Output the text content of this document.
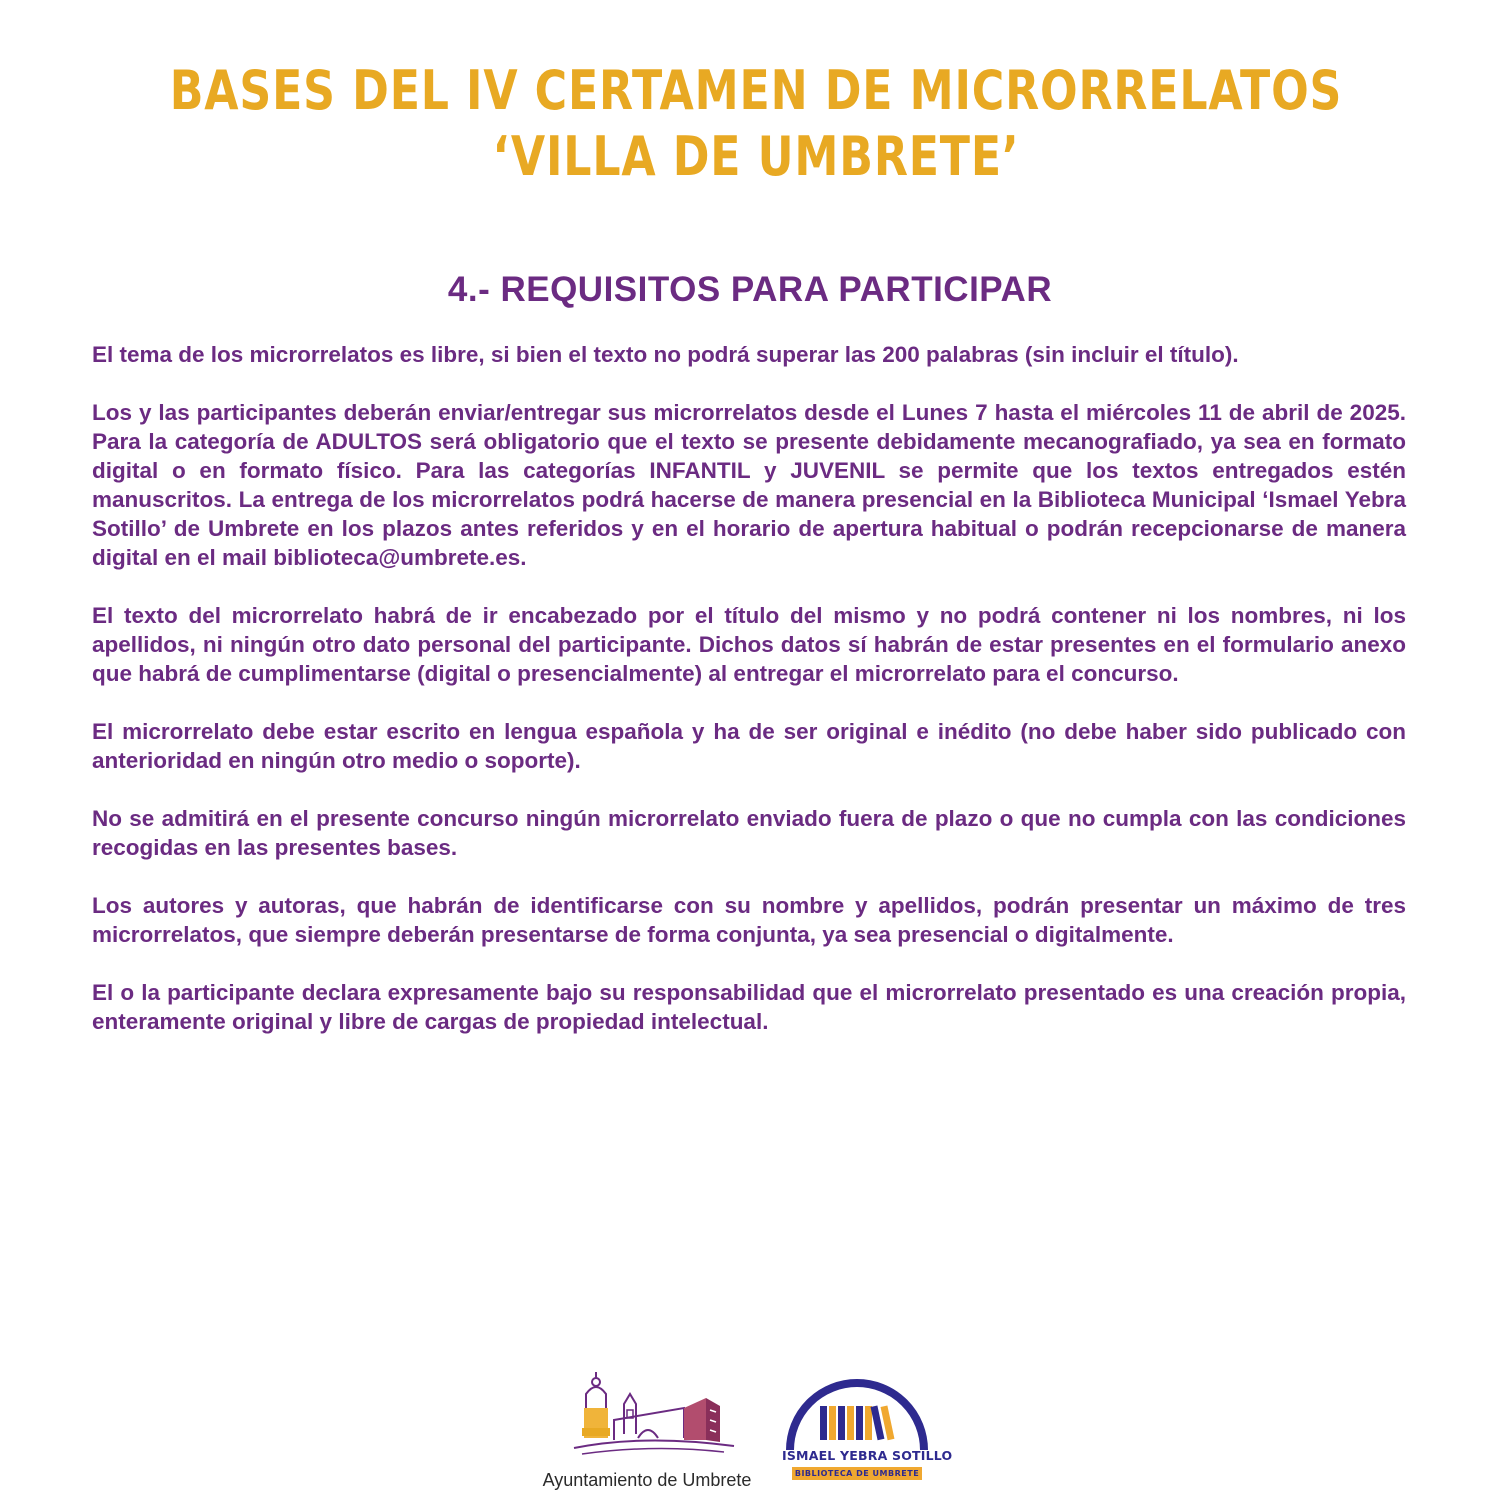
BASES DEL IV CERTAMEN DE MICRORRELATOS
‘VILLA DE UMBRETE’
4.- REQUISITOS PARA PARTICIPAR

El tema de los microrrelatos es libre, si bien el texto no podrá superar las 200 palabras (sin incluir el título).

Los y las participantes deberán enviar/entregar sus microrrelatos desde el Lunes 7 hasta el miércoles 11 de abril de 2025. Para la categoría de ADULTOS será obligatorio que el texto se presente debidamente mecanografiado, ya sea en formato digital o en formato físico. Para las categorías INFANTIL y JUVENIL se permite que los textos entregados estén manuscritos. La entrega de los microrrelatos podrá hacerse de manera presencial en la Biblioteca Municipal ‘Ismael Yebra Sotillo’ de Umbrete en los plazos antes referidos y en el horario de apertura habitual o podrán recepcionarse de manera digital en el mail biblioteca@umbrete.es.

El texto del microrrelato habrá de ir encabezado por el título del mismo y no podrá contener ni los nombres, ni los apellidos, ni ningún otro dato personal del participante. Dichos datos sí habrán de estar presentes en el formulario anexo que habrá de cumplimentarse (digital o presencialmente) al entregar el microrrelato para el concurso.

El microrrelato debe estar escrito en lengua española y ha de ser original e inédito (no debe haber sido publicado con anterioridad en ningún otro medio o soporte).

No se admitirá en el presente concurso ningún microrrelato enviado fuera de plazo o que no cumpla con las condiciones recogidas en las presentes bases.

Los autores y autoras, que habrán de identificarse con su nombre y apellidos, podrán presentar un máximo de tres microrrelatos, que siempre deberán presentarse de forma conjunta, ya sea presencial o digitalmente.

El o la participante declara expresamente bajo su responsabilidad que el microrrelato presentado es una creación propia, enteramente original y libre de cargas de propiedad intelectual.

Ayuntamiento de Umbrete
ISMAEL YEBRA SOTILLO
BIBLIOTECA DE UMBRETE
